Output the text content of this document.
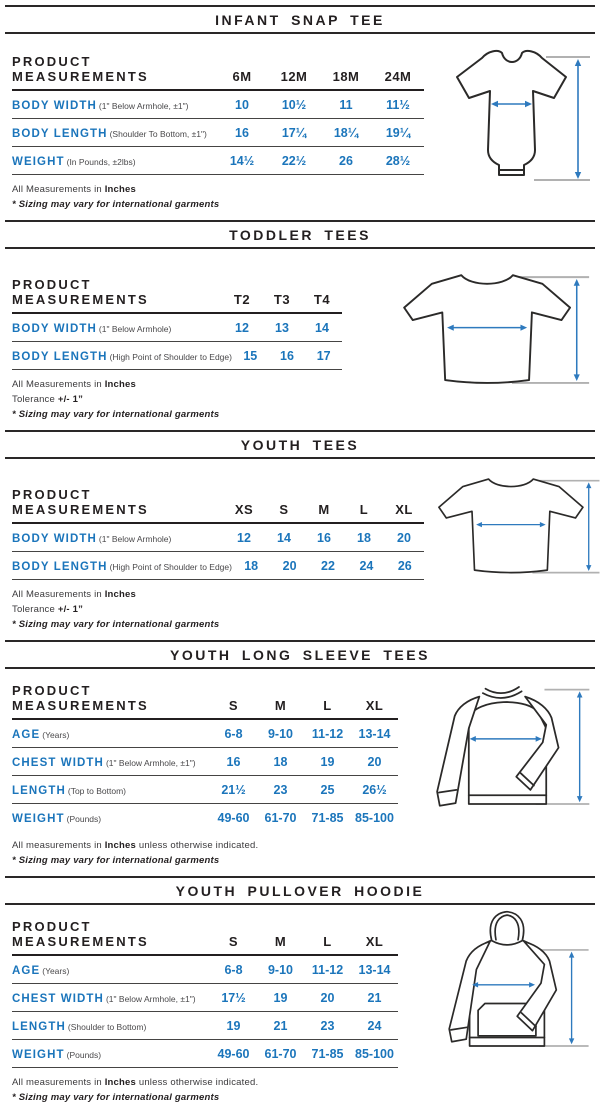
INFANT SNAP TEE
PRODUCT MEASUREMENTS	6M	12M	18M	24M
BODY WIDTH (1" Below Armhole, ±1")	10	10½	11	11½
BODY LENGTH (Shoulder To Bottom, ±1")	16	17¼	18¼	19¼
WEIGHT (In Pounds, ±2lbs)	14½	22½	26	28½
All Measurements in Inches
* Sizing may vary for international garments
TODDLER TEES
PRODUCT MEASUREMENTS	T2	T3	T4
BODY WIDTH (1" Below Armhole)	12	13	14
BODY LENGTH (High Point of Shoulder to Edge) 15	16	17
All Measurements in Inches
Tolerance +/- 1”
* Sizing may vary for international garments
YOUTH TEES
PRODUCT MEASUREMENTS	XS	S	M	L	XL
BODY WIDTH (1" Below Armhole)	12	14	16	18	20
BODY LENGTH (High Point of Shoulder to Edge) 18	20	22	24	26
All Measurements in Inches
Tolerance +/- 1”
* Sizing may vary for international garments
YOUTH LONG SLEEVE TEES
PRODUCT MEASUREMENTS	S	M	L	XL
AGE (Years)	6-8	9-10	11-12	13-14
CHEST WIDTH (1" Below Armhole, ±1")	16	18	19	20
LENGTH (Top to Bottom)	21½	23	25	26½
WEIGHT (Pounds)	49-60	61-70	71-85 85-100
All measurements in Inches unless otherwise indicated.
* Sizing may vary for international garments
YOUTH PULLOVER HOODIE
PRODUCT MEASUREMENTS	S	M	L	XL
AGE (Years)	6-8	9-10	11-12	13-14
CHEST WIDTH (1" Below Armhole, ±1")	17½	19	20	21
LENGTH (Shoulder to Bottom)	19	21	23	24
WEIGHT (Pounds)	49-60	61-70	71-85 85-100
All measurements in Inches unless otherwise indicated.
* Sizing may vary for international garments
